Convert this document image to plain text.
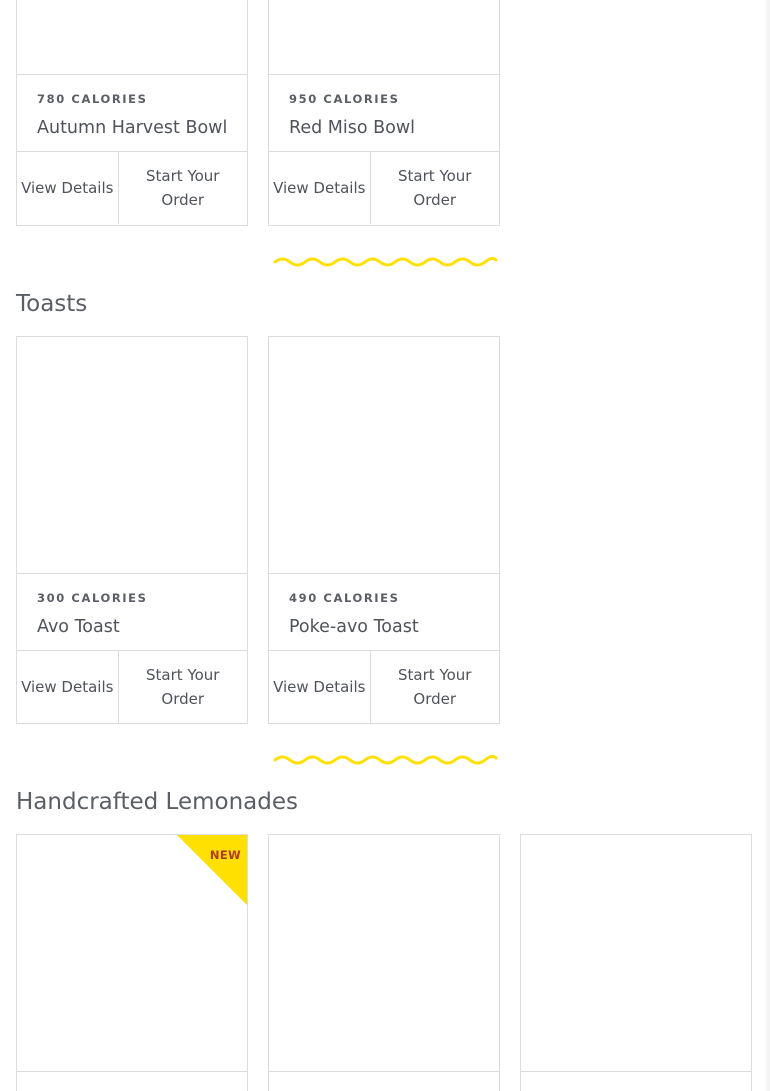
780 CALORIES
Autumn Harvest Bowl
View Details
Start Your Order
950 CALORIES
Red Miso Bowl
View Details
Start Your Order
Toasts
300 CALORIES
Avo Toast
View Details
Start Your Order
490 CALORIES
Poke-avo Toast
View Details
Start Your Order
Handcrafted Lemonades
NEW
